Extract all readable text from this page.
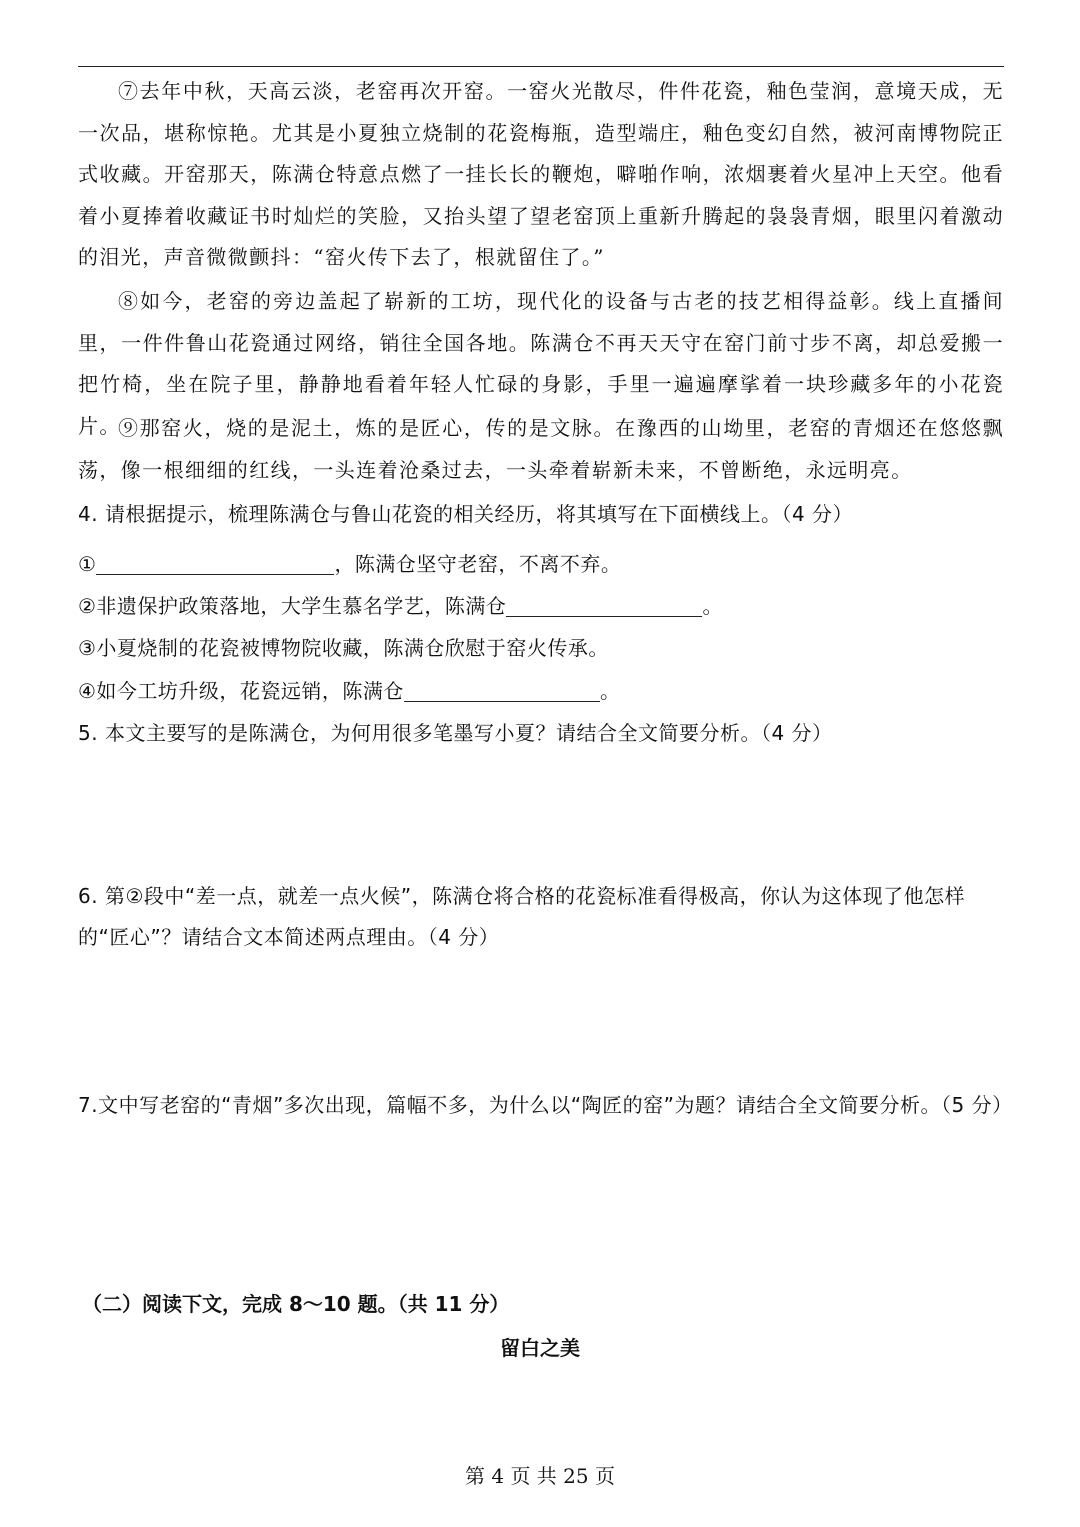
⑦去年中秋，天高云淡，老窑再次开窑。一窑火光散尽，件件花瓷，釉色莹润，意境天成，无一次品，堪称惊艳。尤其是小夏独立烧制的花瓷梅瓶，造型端庄，釉色变幻自然，被河南博物院正式收藏。开窑那天，陈满仓特意点燃了一挂长长的鞭炮，噼啪作响，浓烟裹着火星冲上天空。他看着小夏捧着收藏证书时灿烂的笑脸，又抬头望了望老窑顶上重新升腾起的袅袅青烟，眼里闪着激动的泪光，声音微微颤抖：“窑火传下去了，根就留住了。”
⑧如今，老窑的旁边盖起了崭新的工坊，现代化的设备与古老的技艺相得益彰。线上直播间里，一件件鲁山花瓷通过网络，销往全国各地。陈满仓不再天天守在窑门前寸步不离，却总爱搬一把竹椅，坐在院子里，静静地看着年轻人忙碌的身影，手里一遍遍摩挲着一块珍藏多年的小花瓷片。
⑨那窑火，烧的是泥土，炼的是匠心，传的是文脉。在豫西的山坳里，老窑的青烟还在悠悠飘荡，像一根细细的红线，一头连着沧桑过去，一头牵着崭新未来，不曾断绝，永远明亮。
4. 请根据提示，梳理陈满仓与鲁山花瓷的相关经历，将其填写在下面横线上。（4 分）
①	，陈满仓坚守老窑，不离不弃。
②非遗保护政策落地，大学生慕名学艺，陈满仓	。
③小夏烧制的花瓷被博物院收藏，陈满仓欣慰于窑火传承。
④如今工坊升级，花瓷远销，陈满仓	。
5. 本文主要写的是陈满仓，为何用很多笔墨写小夏？请结合全文简要分析。（4 分）
6. 第②段中“差一点，就差一点火候”，陈满仓将合格的花瓷标准看得极高，你认为这体现了他怎样的“匠心”？请结合文本简述两点理由。（4 分）
7.文中写老窑的“青烟”多次出现，篇幅不多，为什么以“陶匠的窑”为题？请结合全文简要分析。（5 分）
（二）阅读下文，完成 8～10 题。（共 11 分）
留白之美
第 4 页 共 25 页
